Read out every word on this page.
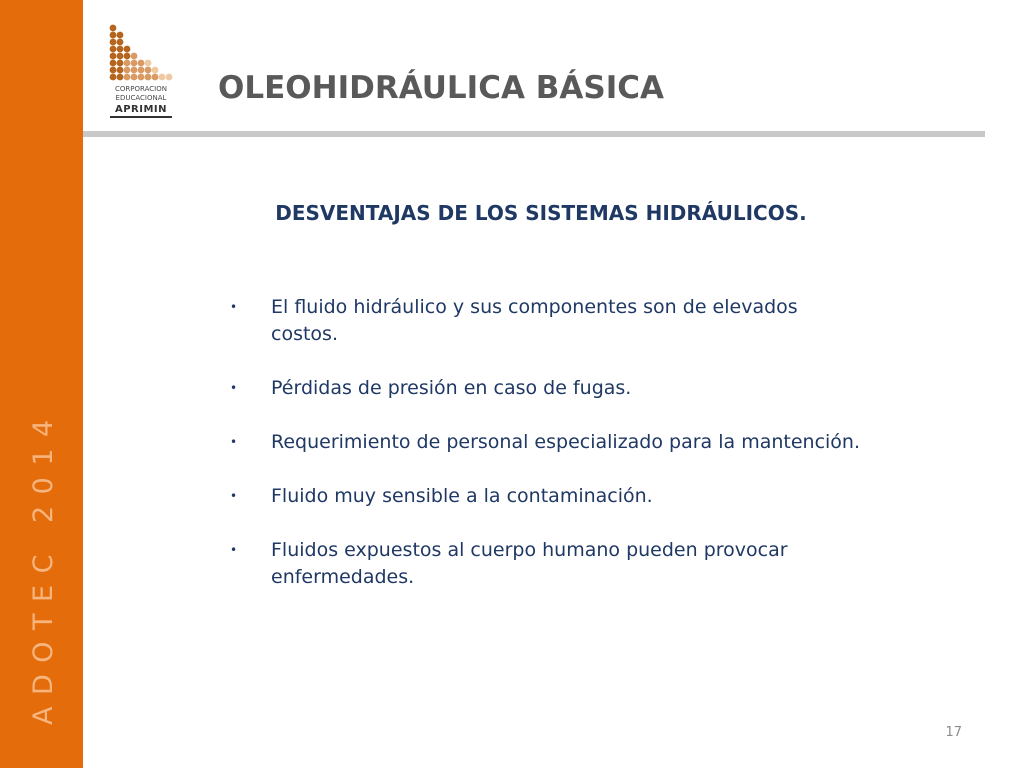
ADOTEC 2014
CORPORACION
EDUCACIONAL
APRIMIN
OLEOHIDRÁULICA BÁSICA
DESVENTAJAS DE LOS SISTEMAS HIDRÁULICOS.
• El fluido hidráulico y sus componentes son de elevados costos.
• Pérdidas de presión en caso de fugas.
• Requerimiento de personal especializado para la mantención.
• Fluido muy sensible a la contaminación.
• Fluidos expuestos al cuerpo humano pueden provocar enfermedades.
17
